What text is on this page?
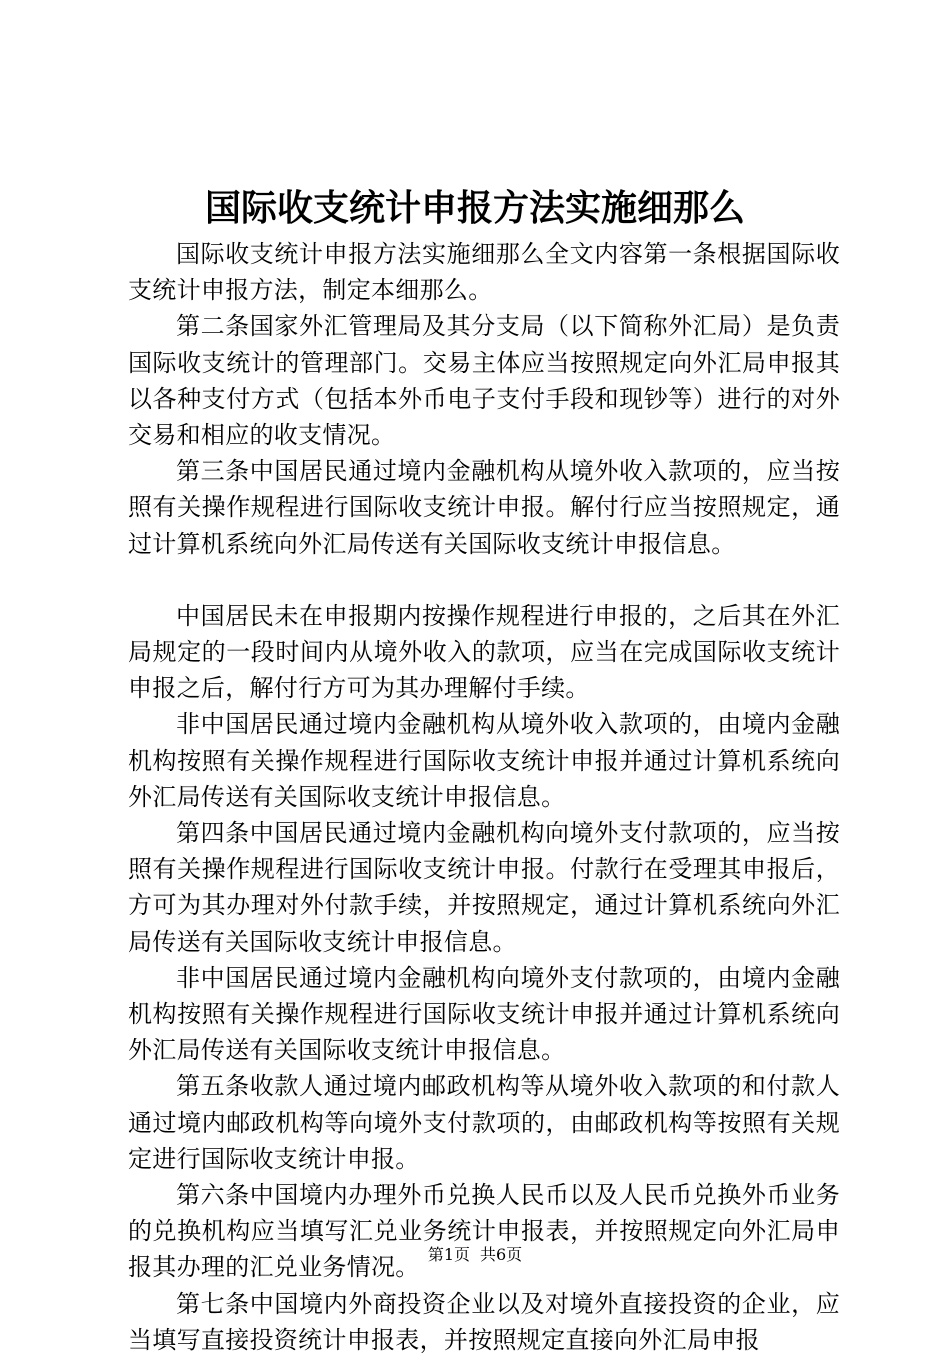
国际收支统计申报方法实施细那么

国际收支统计申报方法实施细那么全文内容第一条根据国际收支统计申报方法，制定本细那么。

第二条国家外汇管理局及其分支局（以下简称外汇局）是负责国际收支统计的管理部门。交易主体应当按照规定向外汇局申报其以各种支付方式（包括本外币电子支付手段和现钞等）进行的对外交易和相应的收支情况。

第三条中国居民通过境内金融机构从境外收入款项的，应当按照有关操作规程进行国际收支统计申报。解付行应当按照规定，通过计算机系统向外汇局传送有关国际收支统计申报信息。

中国居民未在申报期内按操作规程进行申报的，之后其在外汇局规定的一段时间内从境外收入的款项，应当在完成国际收支统计申报之后，解付行方可为其办理解付手续。

非中国居民通过境内金融机构从境外收入款项的，由境内金融机构按照有关操作规程进行国际收支统计申报并通过计算机系统向外汇局传送有关国际收支统计申报信息。

第四条中国居民通过境内金融机构向境外支付款项的，应当按照有关操作规程进行国际收支统计申报。付款行在受理其申报后，方可为其办理对外付款手续，并按照规定，通过计算机系统向外汇局传送有关国际收支统计申报信息。

非中国居民通过境内金融机构向境外支付款项的，由境内金融机构按照有关操作规程进行国际收支统计申报并通过计算机系统向外汇局传送有关国际收支统计申报信息。

第五条收款人通过境内邮政机构等从境外收入款项的和付款人通过境内邮政机构等向境外支付款项的，由邮政机构等按照有关规定进行国际收支统计申报。

第六条中国境内办理外币兑换人民币以及人民币兑换外币业务的兑换机构应当填写汇兑业务统计申报表，并按照规定向外汇局申报其办理的汇兑业务情况。

第七条中国境内外商投资企业以及对境外直接投资的企业，应当填写直接投资统计申报表，并按照规定直接向外汇局申报

第1页 共6页
